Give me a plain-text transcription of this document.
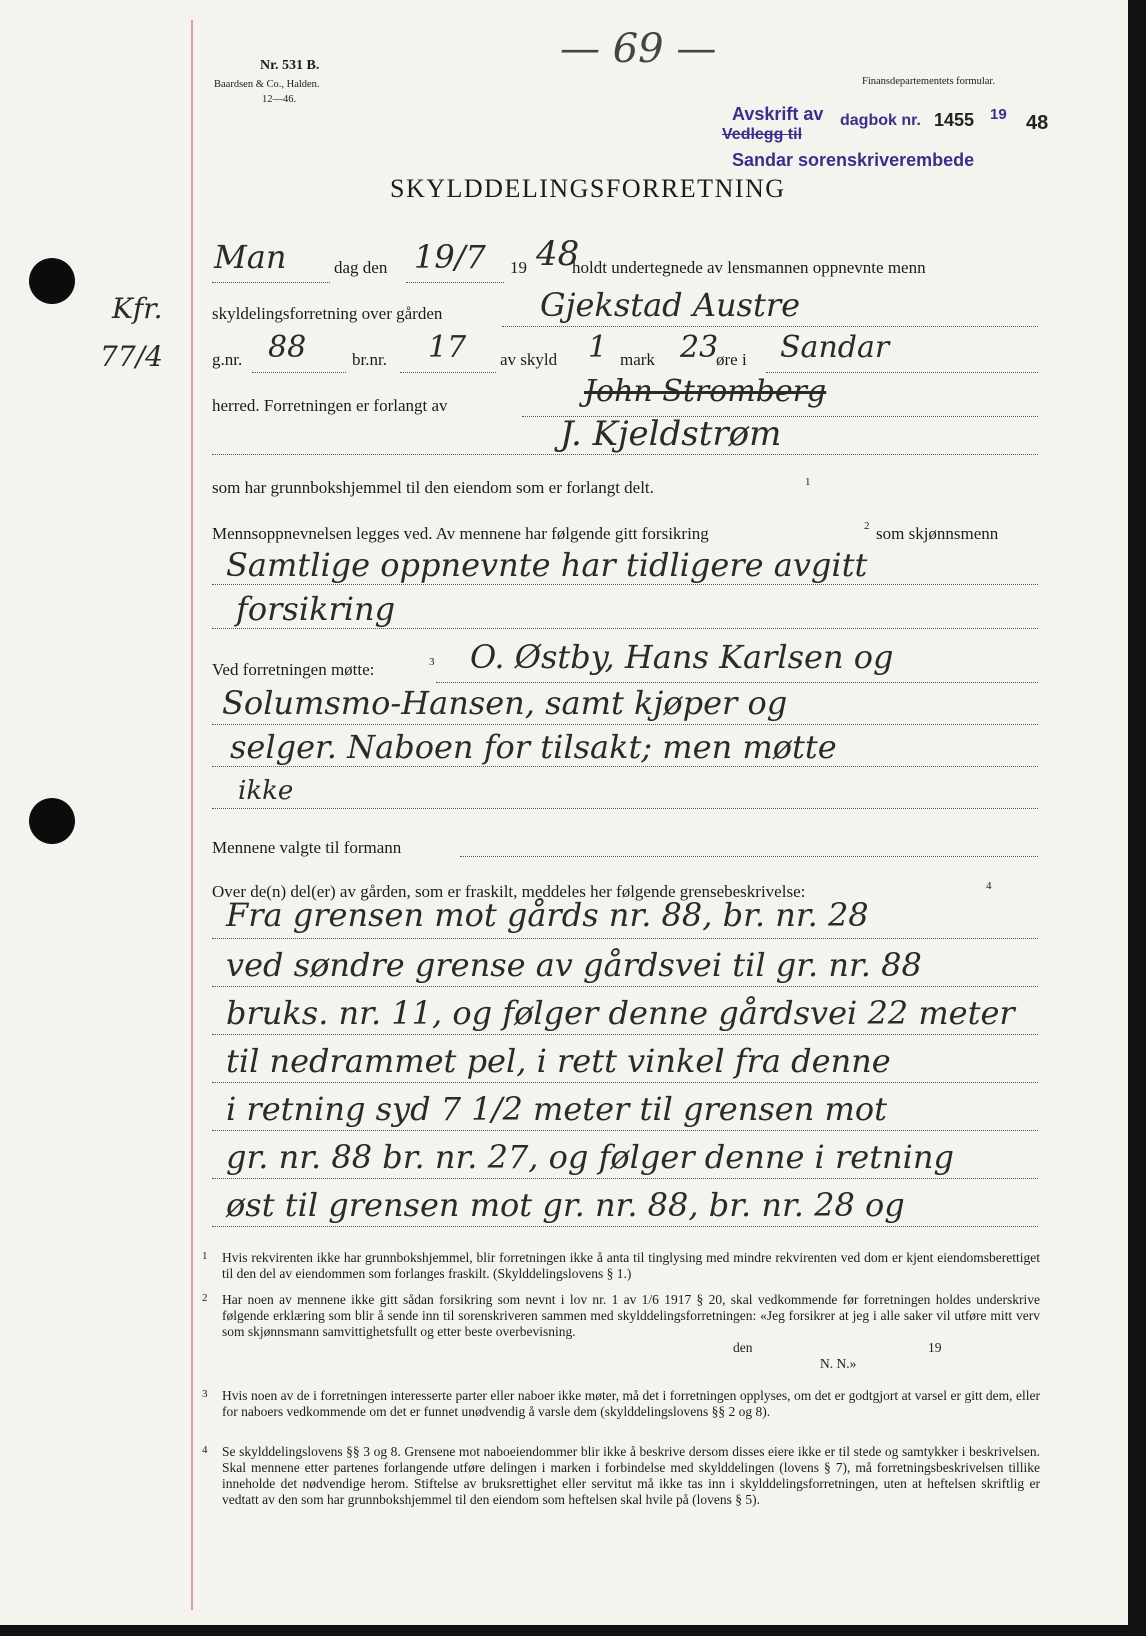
— 69 —
Nr. 531 B.
Baardsen & Co., Halden.
12—46.
Finansdepartementets formular.
Avskrift av dagbok nr. 1455 19 48
Vedlegg til
Sandar sorenskriverembede
SKYLDDELINGSFORRETNING
Kfr.
77/4
Man	dag den 19/7 19 48
holdt undertegnede av lensmannen oppnevnte menn
skyldelingsforretning over gården	Gjekstad Austre
g.nr. 88	br.nr. 17 av skyld 1 mark 23
øre i Sandar
herred. Forretningen er forlangt av	John Stromberg
J. Kjeldstrøm
som har grunnbokshjemmel til den eiendom som er forlangt delt.	1
Mennsoppnevnelsen legges ved. Av mennene har følgende gitt forsikring	2 som skjønnsmenn
Samtlige oppnevnte har tidligere avgitt
forsikring
Ved forretningen møtte:	3 O. Østby, Hans Karlsen og
Solumsmo-Hansen, samt kjøper og
selger. Naboen for tilsakt; men møtte
ikke
Mennene valgte til formann
Over de(n) del(er) av gården, som er fraskilt, meddeles her følgende grensebeskrivelse:	4
Fra grensen mot gårds nr. 88, br. nr. 28
ved søndre grense av gårdsvei til gr. nr. 88
bruks. nr. 11, og følger denne gårdsvei 22 meter
til nedrammet pel, i rett vinkel fra denne
i retning syd 7 1/2 meter til grensen mot
gr. nr. 88 br. nr. 27, og følger denne i retning
øst til grensen mot gr. nr. 88, br. nr. 28 og
1	Hvis rekvirenten ikke har grunnbokshjemmel, blir forretningen ikke å anta til tinglysing med mindre rekvirenten ved dom er kjent eiendomsberettiget til den del av eiendommen som forlanges fraskilt. (Skylddelingslovens § 1.)
2	Har noen av mennene ikke gitt sådan forsikring som nevnt i lov nr. 1 av 1/6 1917 § 20, skal vedkommende før forretningen holdes underskrive følgende erklæring som blir å sende inn til sorenskriveren sammen med skylddelingsforretningen: «Jeg forsikrer at jeg i alle saker vil utføre mitt verv som skjønnsmann samvittighetsfullt og etter beste overbevisning.
den	19
N. N.»
3	Hvis noen av de i forretningen interesserte parter eller naboer ikke møter, må det i forretningen opplyses, om det er godtgjort at varsel er gitt dem, eller for naboers vedkommende om det er funnet unødvendig å varsle dem (skylddelingslovens §§ 2 og 8).
4	Se skylddelingslovens §§ 3 og 8. Grensene mot naboeiendommer blir ikke å beskrive dersom disses eiere ikke er til stede og samtykker i beskrivelsen. Skal mennene etter partenes forlangende utføre delingen i marken i forbindelse med skylddelingen (lovens § 7), må forretningsbeskrivelsen tillike inneholde det nødvendige herom. Stiftelse av bruksrettighet eller servitut må ikke tas inn i skylddelingsforretningen, uten at heftelsen skriftlig er vedtatt av den som har grunnbokshjemmel til den eiendom som heftelsen skal hvile på (lovens § 5).
